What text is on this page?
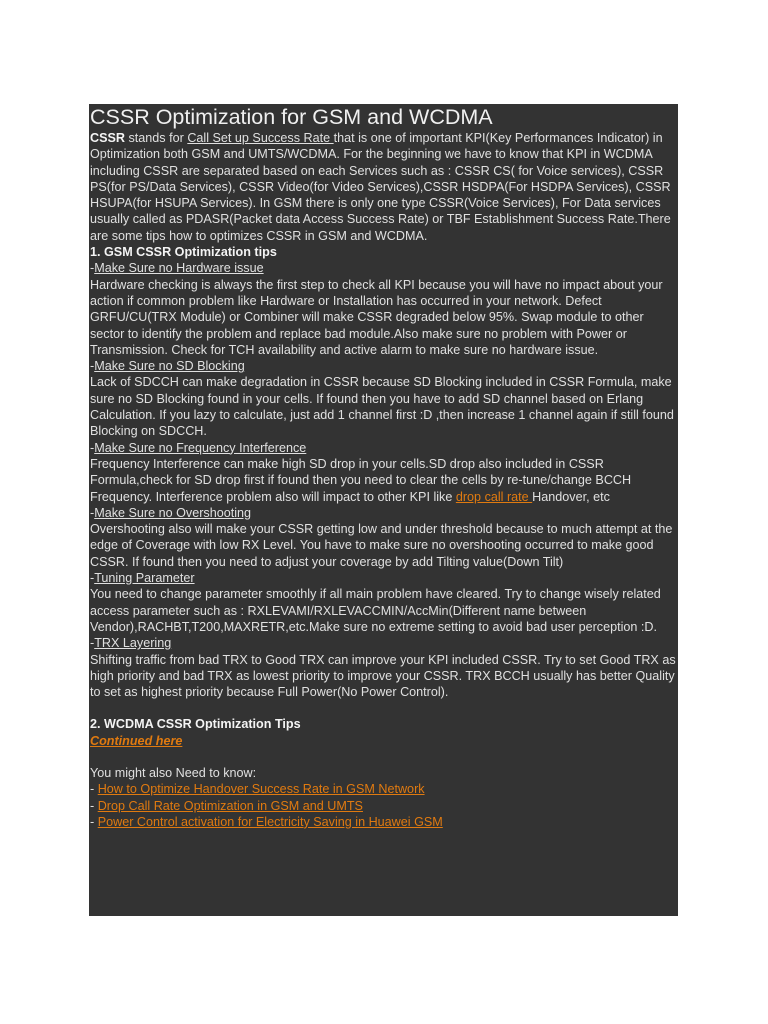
CSSR Optimization for GSM and WCDMA

CSSR stands for Call Set up Success Rate that is one of important KPI(Key Performances Indicator) in Optimization both GSM and UMTS/WCDMA. For the beginning we have to know that KPI in WCDMA including CSSR are separated based on each Services such as : CSSR CS( for Voice services), CSSR PS(for PS/Data Services), CSSR Video(for Video Services),CSSR HSDPA(For HSDPA Services), CSSR HSUPA(for HSUPA Services). In GSM there is only one type CSSR(Voice Services), For Data services usually called as PDASR(Packet data Access Success Rate) or TBF Establishment Success Rate.There are some tips how to optimizes CSSR in GSM and WCDMA.

1. GSM CSSR Optimization tips

-Make Sure no Hardware issue

Hardware checking is always the first step to check all KPI because you will have no impact about your action if common problem like Hardware or Installation has occurred in your network. Defect GRFU/CU(TRX Module) or Combiner will make CSSR degraded below 95%. Swap module to other sector to identify the problem and replace bad module.Also make sure no problem with Power or Transmission. Check for TCH availability and active alarm to make sure no hardware issue.

-Make Sure no SD Blocking

Lack of SDCCH can make degradation in CSSR because SD Blocking included in CSSR Formula, make sure no SD Blocking found in your cells. If found then you have to add SD channel based on Erlang Calculation. If you lazy to calculate, just add 1 channel first :D ,then increase 1 channel again if still found Blocking on SDCCH.

-Make Sure no Frequency Interference

Frequency Interference can make high SD drop in your cells.SD drop also included in CSSR Formula,check for SD drop first if found then you need to clear the cells by re-tune/change BCCH Frequency. Interference problem also will impact to other KPI like drop call rate Handover, etc

-Make Sure no Overshooting

Overshooting also will make your CSSR getting low and under threshold because to much attempt at the edge of Coverage with low RX Level. You have to make sure no overshooting occurred to make good CSSR. If found then you need to adjust your coverage by add Tilting value(Down Tilt)

-Tuning Parameter

You need to change parameter smoothly if all main problem have cleared. Try to change wisely related access parameter such as : RXLEVAMI/RXLEVACCMIN/AccMin(Different name between Vendor),RACHBT,T200,MAXRETR,etc.Make sure no extreme setting to avoid bad user perception :D.

-TRX Layering

Shifting traffic from bad TRX to Good TRX can improve your KPI included CSSR. Try to set Good TRX as high priority and bad TRX as lowest priority to improve your CSSR. TRX BCCH usually has better Quality to set as highest priority because Full Power(No Power Control).

2. WCDMA CSSR Optimization Tips

Continued here

You might also Need to know:

- How to Optimize Handover Success Rate in GSM Network

- Drop Call Rate Optimization in GSM and UMTS

- Power Control activation for Electricity Saving in Huawei GSM
